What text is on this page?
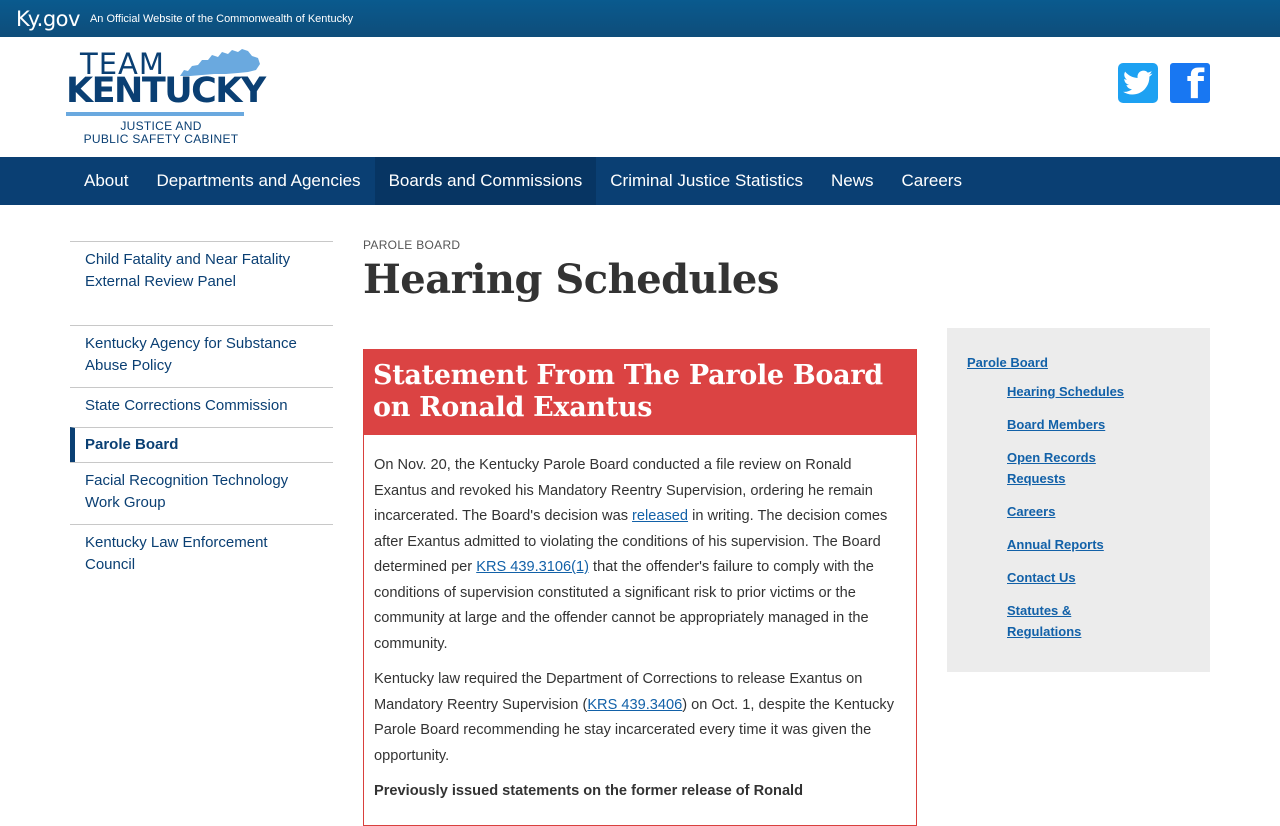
Ky.gov An Official Website of the Commonwealth of Kentucky
TEAM
KENTUCKY
JUSTICE AND
PUBLIC SAFETY CABINET
f
About	Departments and Agencies	Boards and Commissions	Criminal Justice Statistics	News	Careers
Child Fatality and Near Fatality External Review Panel
Kentucky Agency for Substance Abuse Policy
State Corrections Commission
Parole Board
Facial Recognition Technology Work Group
Kentucky Law Enforcement Council
PAROLE BOARD
Hearing Schedules
Statement From The Parole Board on Ronald Exantus

On Nov. 20, the Kentucky Parole Board conducted a file review on Ronald Exantus and revoked his Mandatory Reentry Supervision, ordering he remain incarcerated. The Board's decision was released in writing. The decision comes after Exantus admitted to violating the conditions of his supervision. The Board determined per KRS 439.3106(1) that the offender's failure to comply with the conditions of supervision constituted a significant risk to prior victims or the community at large and the offender cannot be appropriately managed in the community.

Kentucky law required the Department of Corrections to release Exantus on Mandatory Reentry Supervision (KRS 439.3406) on Oct. 1, despite the Kentucky Parole Board recommending he stay incarcerated every time it was given the opportunity.

Previously issued statements on the former release of Ronald

Parole Board
Hearing Schedules
Board Members
Open Records Requests
Careers
Annual Reports
Contact Us
Statutes & Regulations
